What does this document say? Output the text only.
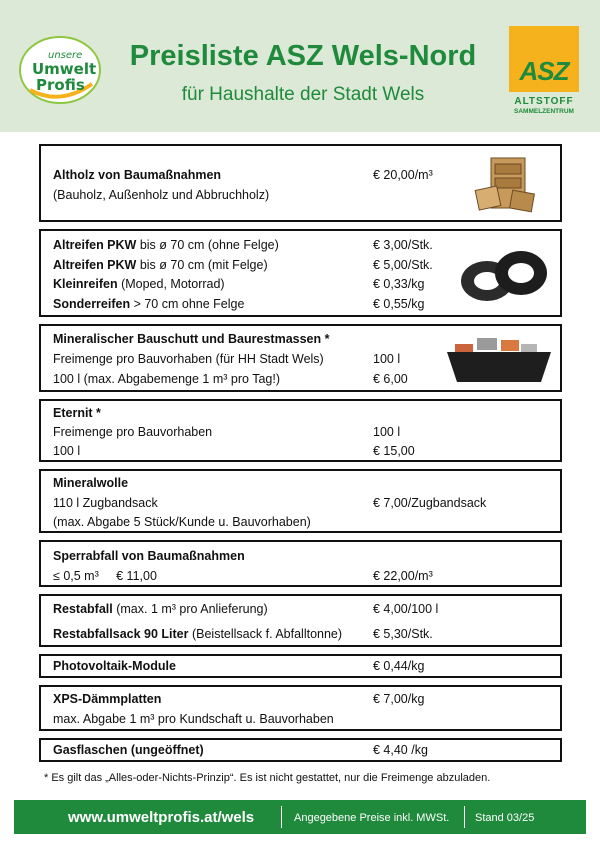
unsere
Umwelt
Profis
Preisliste ASZ Wels-Nord
für Haushalte der Stadt Wels
ASZ
ALTSTOFF
SAMMELZENTRUM
Altholz von Baumaßnahmen
(Bauholz, Außenholz und Abbruchholz)
€ 20,00/m³
Altreifen PKW bis ø 70 cm (ohne Felge)	€ 3,00/Stk.
Altreifen PKW bis ø 70 cm (mit Felge)	€ 5,00/Stk.
Kleinreifen (Moped, Motorrad)	€ 0,33/kg
Sonderreifen > 70 cm ohne Felge	€ 0,55/kg
Mineralischer Bauschutt und Baurestmassen *
Freimenge pro Bauvorhaben (für HH Stadt Wels)	100 l
100 l (max. Abgabemenge 1 m³ pro Tag!)	€ 6,00
Eternit *
Freimenge pro Bauvorhaben	100 l
100 l	€ 15,00
Mineralwolle
110 l Zugbandsack	€ 7,00/Zugbandsack
(max. Abgabe 5 Stück/Kunde u. Bauvorhaben)
Sperrabfall von Baumaßnahmen
≤ 0,5 m³     € 11,00	€ 22,00/m³
Restabfall (max. 1 m³ pro Anlieferung)	€ 4,00/100 l
Restabfallsack 90 Liter (Beistellsack f. Abfalltonne) € 5,30/Stk.
Photovoltaik-Module	€ 0,44/kg
XPS-Dämmplatten	€ 7,00/kg
max. Abgabe 1 m³ pro Kundschaft u. Bauvorhaben
Gasflaschen (ungeöffnet)	€ 4,40 /kg
* Es gilt das „Alles-oder-Nichts-Prinzip“. Es ist nicht gestattet, nur die Freimenge abzuladen.
www.umweltprofis.at/wels	Angegebene Preise inkl. MWSt. Stand 03/25
